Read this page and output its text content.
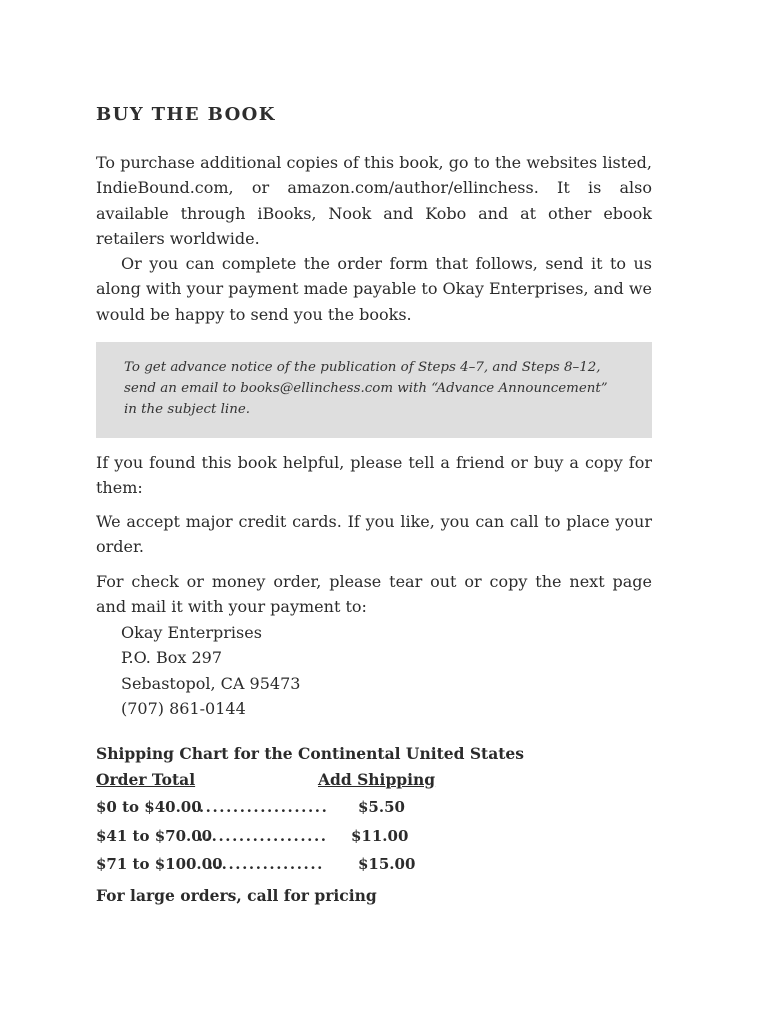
BUY THE BOOK

To purchase additional copies of this book, go to the websites listed, IndieBound.com, or amazon.com/author/ellinchess. It is also available through iBooks, Nook and Kobo and at other ebook retailers worldwide.

Or you can complete the order form that follows, send it to us along with your payment made payable to Okay Enterprises, and we would be happy to send you the books.

To get advance notice of the publication of Steps 4–7, and Steps 8–12, send an email to books@ellinchess.com with “Advance Announcement” in the subject line.

If you found this book helpful, please tell a friend or buy a copy for them:

We accept major credit cards. If you like, you can call to place your order.

For check or money order, please tear out or copy the next page and mail it with your payment to:

Okay Enterprises
P.O. Box 297
Sebastopol, CA 95473
(707) 861-0144
Shipping Chart for the Continental United States
Order Total	Add Shipping
$0 to $40.00
.................... $5.50
$41 to $70.00
................... $11.00
$71 to $100.00
................. $15.00
For large orders, call for pricing
